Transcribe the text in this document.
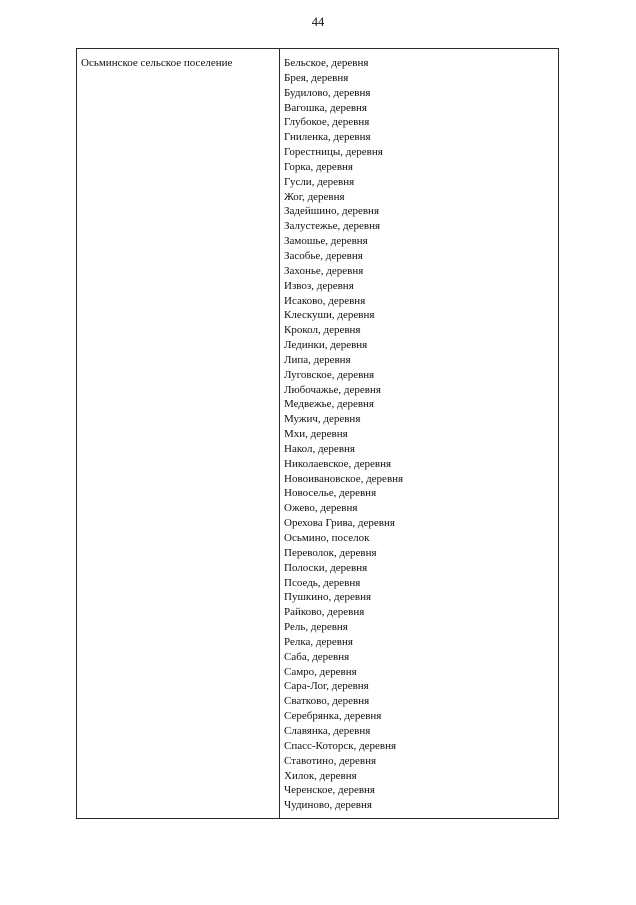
44
Осьминское сельское поселение	Бельское, деревня
Брея, деревня
Будилово, деревня
Вагошка, деревня
Глубокое, деревня
Гниленка, деревня
Горестницы, деревня
Горка, деревня
Гусли, деревня
Жог, деревня
Задейшино, деревня
Залустежье, деревня
Замошье, деревня
Засобье, деревня
Захонье, деревня
Извоз, деревня
Исаково, деревня
Клескуши, деревня
Крокол, деревня
Лединки, деревня
Липа, деревня
Луговское, деревня
Любочажье, деревня
Медвежье, деревня
Мужич, деревня
Мхи, деревня
Накол, деревня
Николаевское, деревня
Новоивановское, деревня
Новоселье, деревня
Ожево, деревня
Орехова Грива, деревня
Осьмино, поселок
Переволок, деревня
Полоски, деревня
Псоедь, деревня
Пушкино, деревня
Райково, деревня
Рель, деревня
Релка, деревня
Саба, деревня
Самро, деревня
Сара-Лог, деревня
Сватково, деревня
Серебрянка, деревня
Славянка, деревня
Спасс-Которск, деревня
Ставотино, деревня
Хилок, деревня
Черенское, деревня
Чудиново, деревня
